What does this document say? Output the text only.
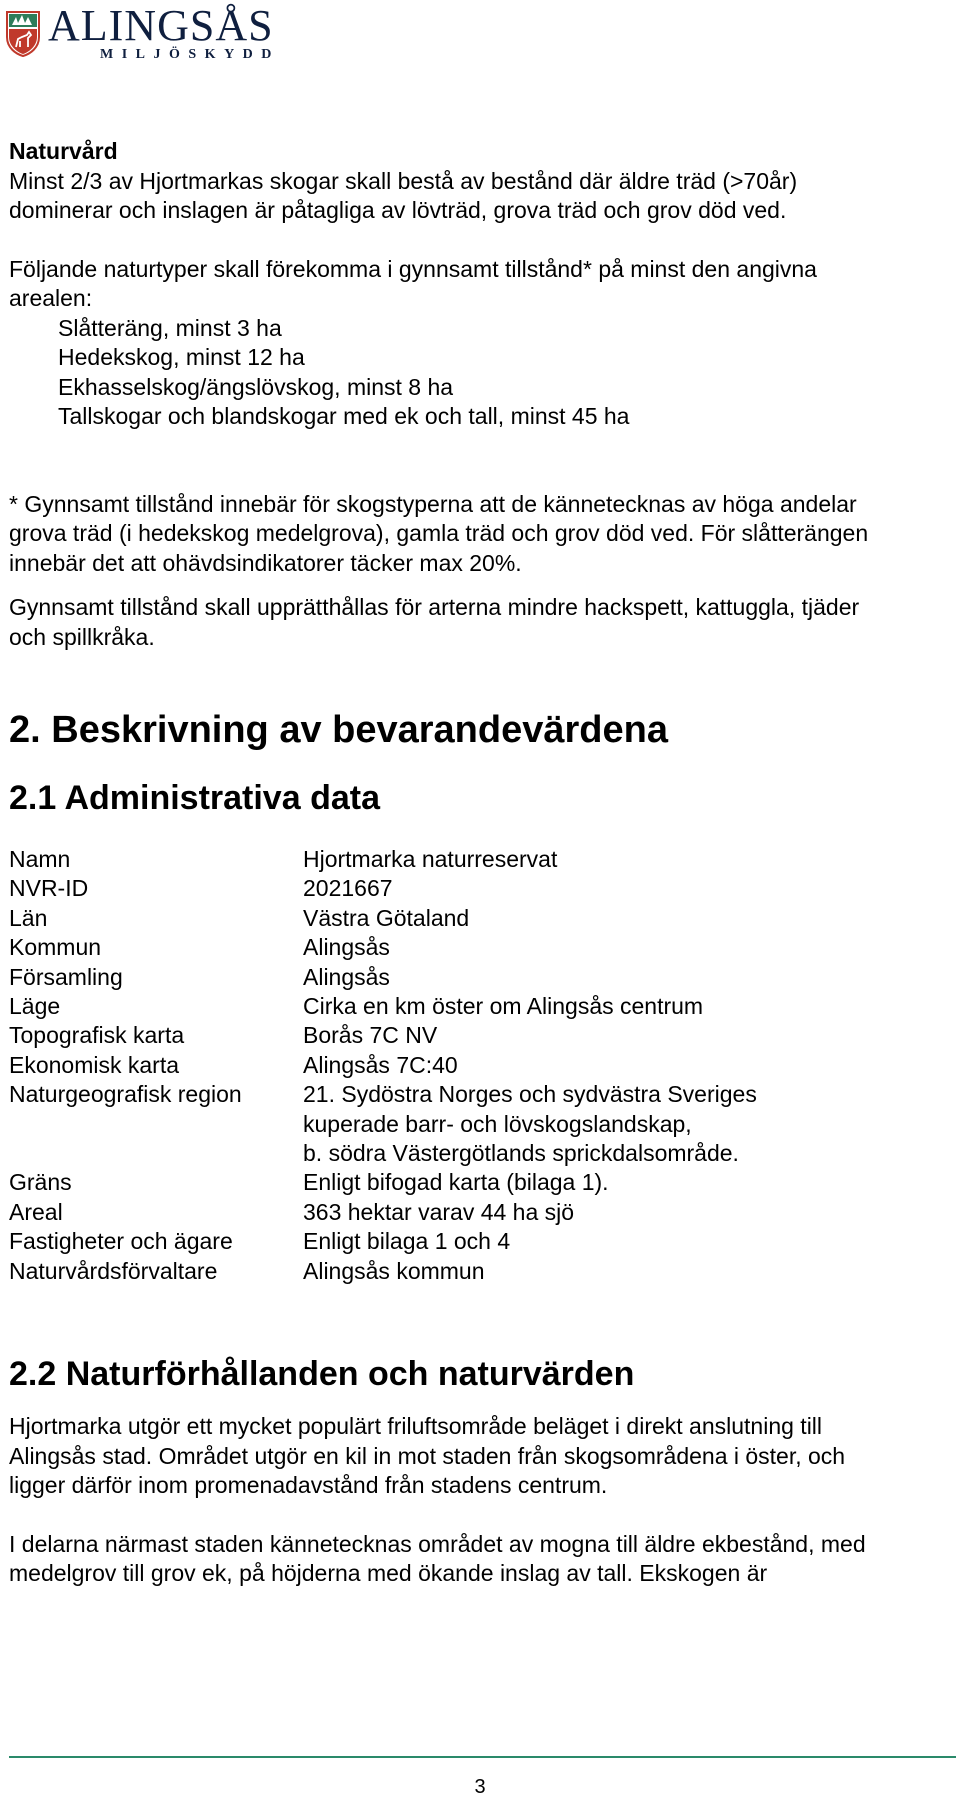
ALINGSÅS
MILJÖSKYDD
Naturvård
Minst 2/3 av Hjortmarkas skogar skall bestå av bestånd där äldre träd (>70år)
dominerar och inslagen är påtagliga av lövträd, grova träd och grov död ved.
Följande naturtyper skall förekomma i gynnsamt tillstånd* på minst den angivna
arealen:
Slåtteräng, minst 3 ha
Hedekskog, minst 12 ha
Ekhasselskog/ängslövskog, minst 8 ha
Tallskogar och blandskogar med ek och tall, minst 45 ha
* Gynnsamt tillstånd innebär för skogstyperna att de kännetecknas av höga andelar
grova träd (i hedekskog medelgrova), gamla träd och grov död ved. För slåtterängen
innebär det att ohävdsindikatorer täcker max 20%.
Gynnsamt tillstånd skall upprätthållas för arterna mindre hackspett, kattuggla, tjäder
och spillkråka.
2. Beskrivning av bevarandevärdena
2.1 Administrativa data
Namn	Hjortmarka naturreservat
NVR-ID	2021667
Län	Västra Götaland
Kommun	Alingsås
Församling	Alingsås
Läge	Cirka en km öster om Alingsås centrum
Topografisk karta	Borås 7C NV
Ekonomisk karta	Alingsås 7C:40
Naturgeografisk region	21. Sydöstra Norges och sydvästra Sveriges
kuperade barr- och lövskogslandskap,
b. södra Västergötlands sprickdalsområde.

Gräns	Enligt bifogad karta (bilaga 1).
Areal	363 hektar varav 44 ha sjö
Fastigheter och ägare	Enligt bilaga 1 och 4
Naturvårdsförvaltare	Alingsås kommun
2.2 Naturförhållanden och naturvärden
Hjortmarka utgör ett mycket populärt friluftsområde beläget i direkt anslutning till
Alingsås stad. Området utgör en kil in mot staden från skogsområdena i öster, och
ligger därför inom promenadavstånd från stadens centrum.
I delarna närmast staden kännetecknas området av mogna till äldre ekbestånd, med
medelgrov till grov ek, på höjderna med ökande inslag av tall. Ekskogen är
3
